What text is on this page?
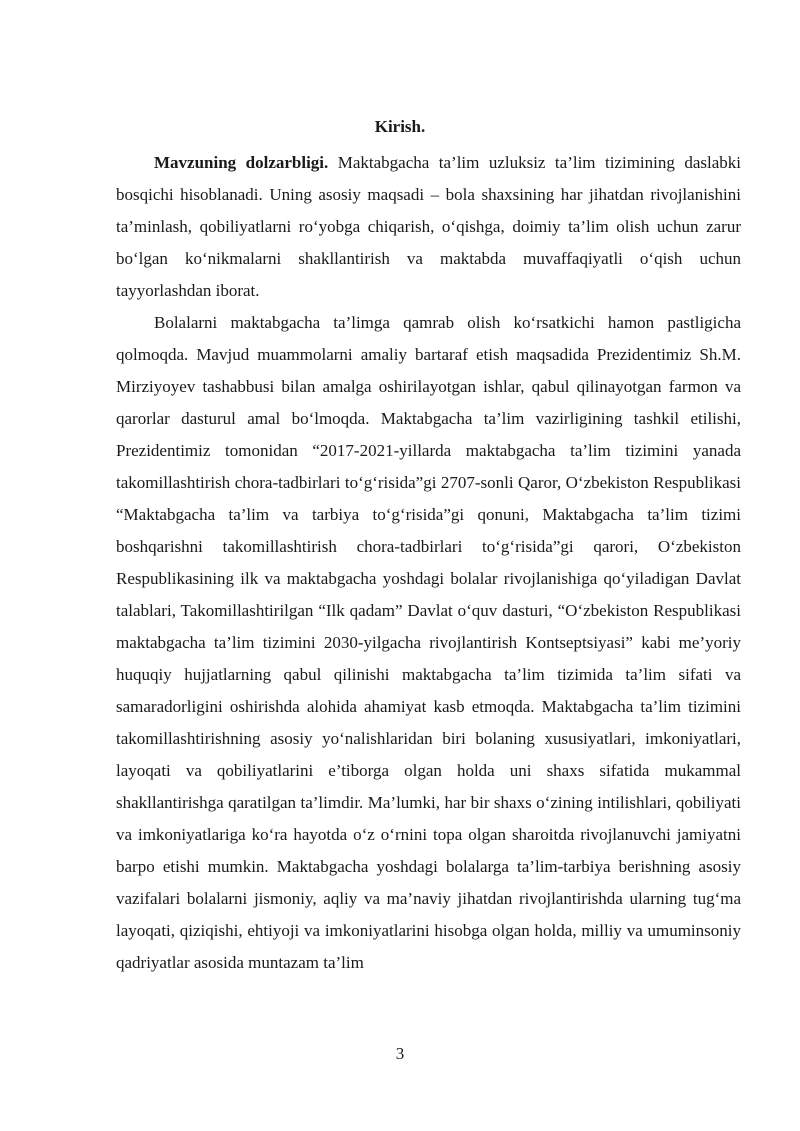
Kirish.

Mavzuning dolzarbligi. Maktabgacha ta’lim uzluksiz ta’lim tizimining daslabki bosqichi hisoblanadi. Uning asosiy maqsadi – bola shaxsining har jihatdan rivojlanishini ta’minlash, qobiliyatlarni ro‘yobga chiqarish, o‘qishga, doimiy ta’lim olish uchun zarur bo‘lgan ko‘nikmalarni shakllantirish va maktabda muvaffaqiyatli o‘qish uchun tayyorlashdan iborat.

Bolalarni maktabgacha ta’limga qamrab olish ko‘rsatkichi hamon pastligicha qolmoqda. Mavjud muammolarni amaliy bartaraf etish maqsadida Prezidentimiz Sh.M. Mirziyoyev tashabbusi bilan amalga oshirilayotgan ishlar, qabul qilinayotgan farmon va qarorlar dasturul amal bo‘lmoqda. Maktabgacha ta’lim vazirligining tashkil etilishi, Prezidentimiz tomonidan “2017-2021-yillarda maktabgacha ta’lim tizimini yanada takomillashtirish chora-tadbirlari to‘g‘risida”gi 2707-sonli Qaror, O‘zbekiston Respublikasi “Maktabgacha ta’lim va tarbiya to‘g‘risida”gi qonuni, Maktabgacha ta’lim tizimi boshqarishni takomillashtirish chora-tadbirlari to‘g‘risida”gi qarori, O‘zbekiston Respublikasining ilk va maktabgacha yoshdagi bolalar rivojlanishiga qo‘yiladigan Davlat talablari, Takomillashtirilgan “Ilk qadam” Davlat o‘quv dasturi, “O‘zbekiston Respublikasi maktabgacha ta’lim tizimini 2030-yilgacha rivojlantirish Kontseptsiyasi” kabi me’yoriy huquqiy hujjatlarning qabul qilinishi maktabgacha ta’lim tizimida ta’lim sifati va samaradorligini oshirishda alohida ahamiyat kasb etmoqda. Maktabgacha ta’lim tizimini takomillashtirishning asosiy yo‘nalishlaridan biri bolaning xususiyatlari, imkoniyatlari, layoqati va qobiliyatlarini e’tiborga olgan holda uni shaxs sifatida mukammal shakllantirishga qaratilgan ta’limdir. Ma’lumki, har bir shaxs o‘zining intilishlari, qobiliyati va imkoniyatlariga ko‘ra hayotda o‘z o‘rnini topa olgan sharoitda rivojlanuvchi jamiyatni barpo etishi mumkin. Maktabgacha yoshdagi bolalarga ta’lim-tarbiya berishning asosiy vazifalari bolalarni jismoniy, aqliy va ma’naviy jihatdan rivojlantirishda ularning tug‘ma layoqati, qiziqishi, ehtiyoji va imkoniyatlarini hisobga olgan holda, milliy va umuminsoniy qadriyatlar asosida muntazam ta’lim

3
